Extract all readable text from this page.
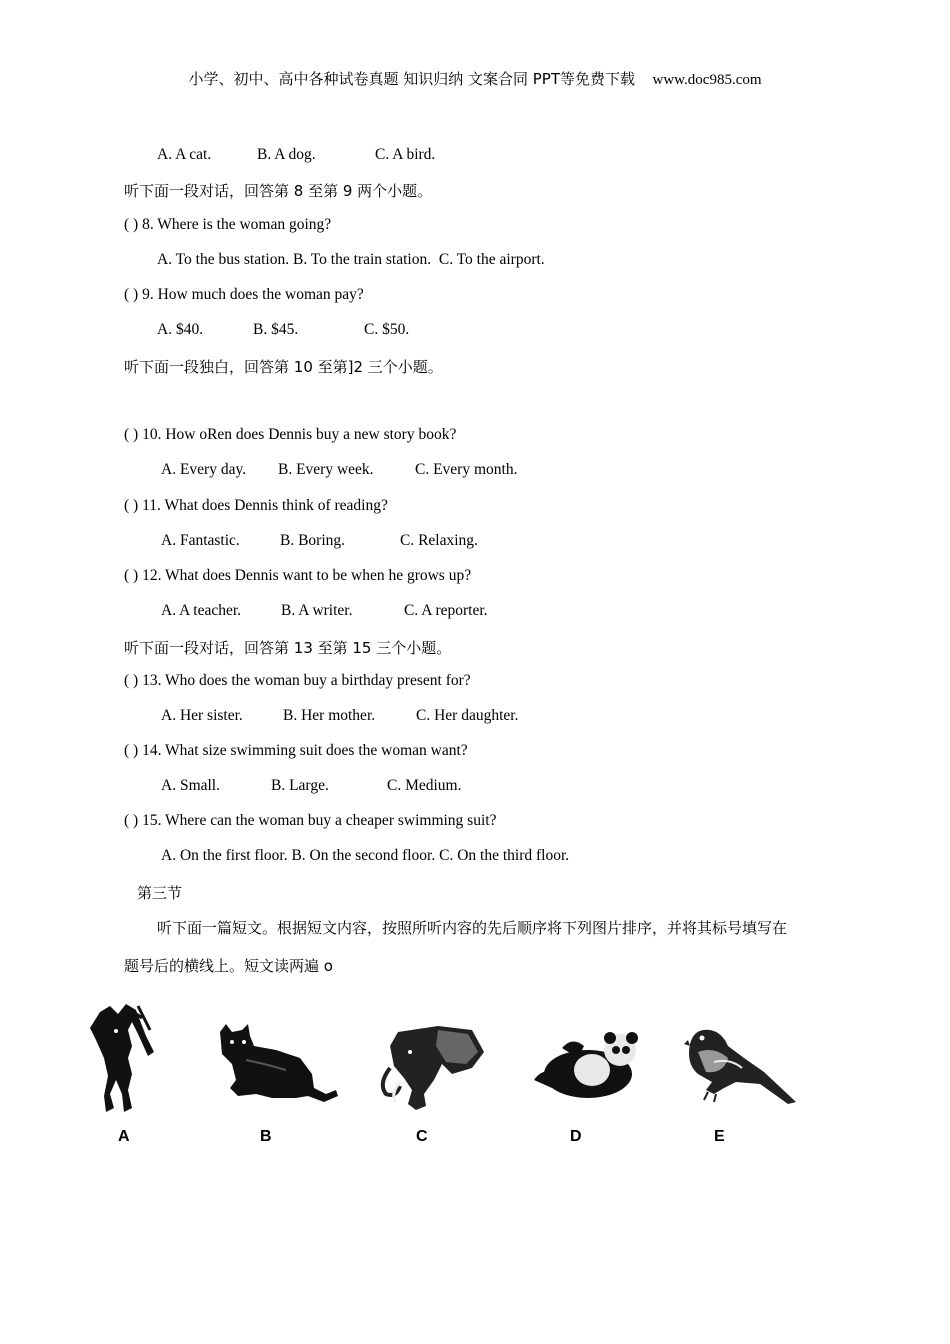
小学、初中、高中各种试卷真题 知识归纳 文案合同 PPT等免费下载 www.doc985.com
A. A cat.	B. A dog.	C. A bird.
听下面一段对话，回答第 8 至第 9 两个小题。
( ) 8. Where is the woman going?
A. To the bus station. B. To the train station. C. To the airport.
( ) 9. How much does the woman pay?
A. $40.	B. $45.	C. $50.
听下面一段独白，回答第 10 至第]2 三个小题。
( ) 10. How oRen does Dennis buy a new story book?
A. Every day. B. Every week.	C. Every month.
( ) 11. What does Dennis think of reading?
A. Fantastic.	B. Boring.	C. Relaxing.
( ) 12. What does Dennis want to be when he grows up?
A. A teacher.	B. A writer.	C. A reporter.
听下面一段对话，回答第 13 至第 15 三个小题。
( ) 13. Who does the woman buy a birthday present for?
A. Her sister.	B. Her mother.	C. Her daughter.
( ) 14. What size swimming suit does the woman want?
A. Small.	B. Large.	C. Medium.
( ) 15. Where can the woman buy a cheaper swimming suit?
A. On the first floor. B. On the second floor. C. On the third floor.
第三节
听下面一篇短文。根据短文内容，按照所听内容的先后顺序将下列图片排序，并将其标号填写在
题号后的横线上。短文读两遍 o
A	B	C	D	E
